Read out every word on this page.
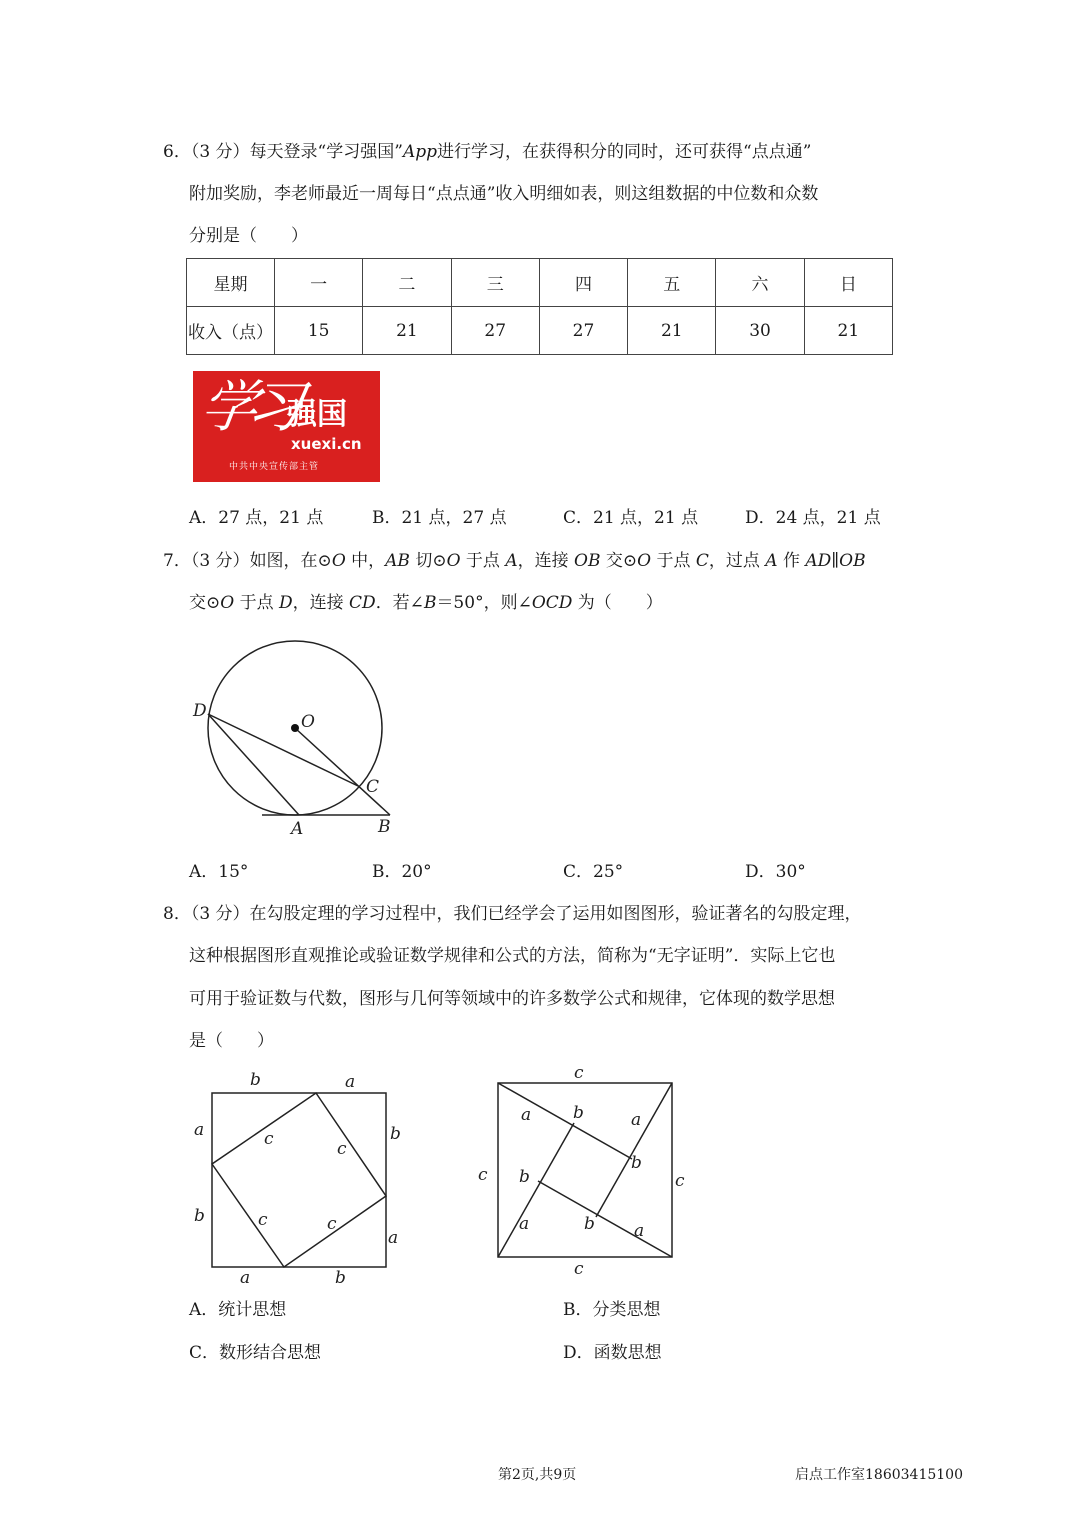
6．（3 分）每天登录“学习强国”App进行学习，在获得积分的同时，还可获得“点点通”
附加奖励，李老师最近一周每日“点点通”收入明细如表，则这组数据的中位数和众数
分别是（　　）
星期	一	二	三	四	五	六	日
收入（点）	15	21	27	27	21	30	21
学习
强国
xuexi.cn
中共中央宣传部主管
A．27 点，21 点	B．21 点，27 点	C．21 点，21 点	D．24 点，21 点
7．（3 分）如图，在⊙O 中，AB 切⊙O 于点 A，连接 OB 交⊙O 于点 C，过点 A 作 AD∥OB
交⊙O 于点 D，连接 CD．若∠B＝50°，则∠OCD 为（　　）
D
O
C
A	B
A．15°	B．20°	C．25°	D．30°
8．（3 分）在勾股定理的学习过程中，我们已经学会了运用如图图形，验证著名的勾股定理，
这种根据图形直观推论或验证数学规律和公式的方法，简称为“无字证明”．实际上它也
可用于验证数与代数，图形与几何等领域中的许多数学公式和规律，它体现的数学思想
是（　　）
b	a
a
b
b
a
a	b
c	c
c	c
c
c
c	c
a b	a
b
b
a	b a
A．统计思想	B．分类思想
C．数形结合思想	D．函数思想
第2页,共9页	启点工作室18603415100
